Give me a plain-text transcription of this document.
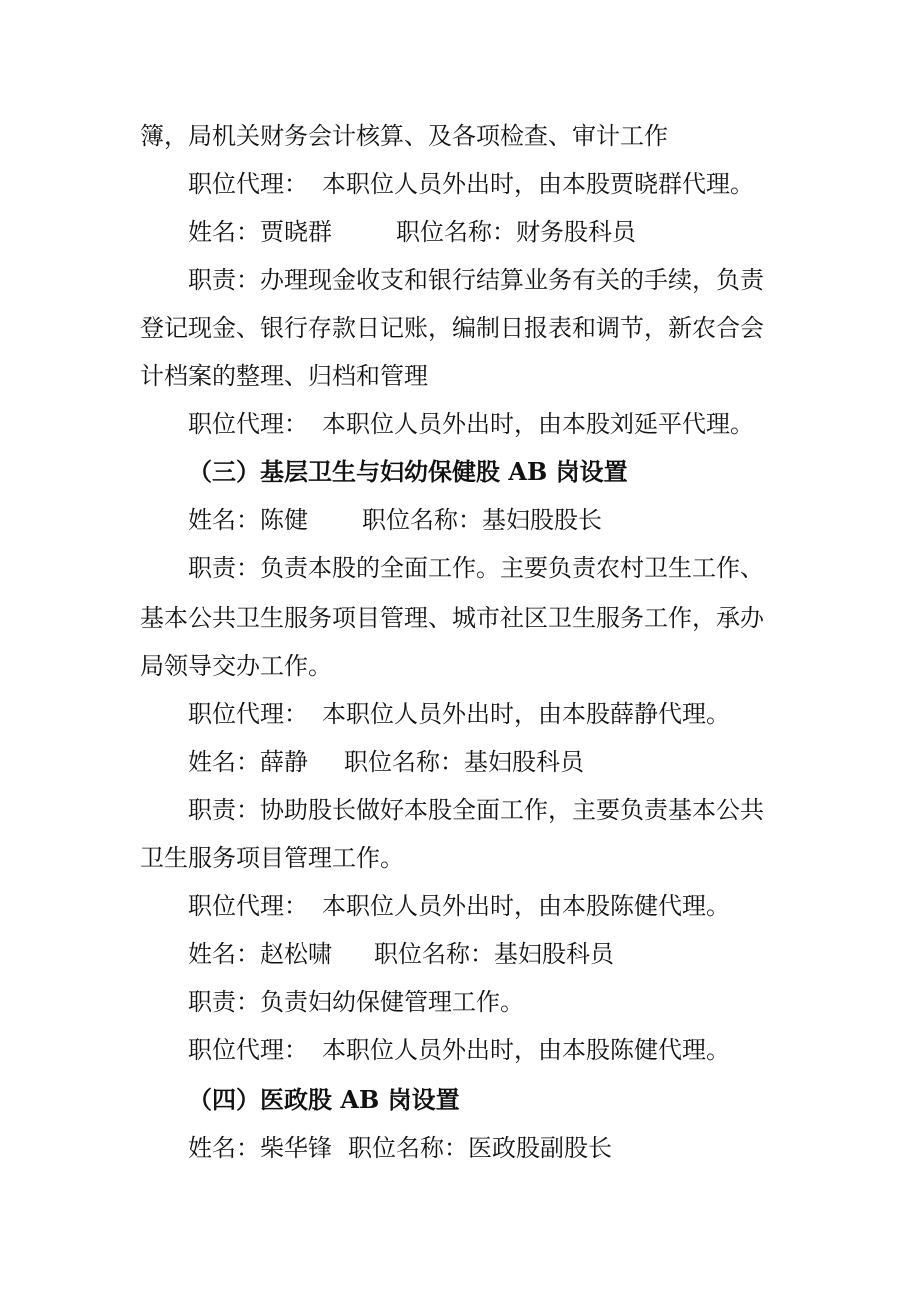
簿，局机关财务会计核算、及各项检查、审计工作
职位代理： 本职位人员外出时，由本股贾晓群代理。
姓名：贾晓群	职位名称：财务股科员
职责：办理现金收支和银行结算业务有关的手续，负责
登记现金、银行存款日记账，编制日报表和调节，新农合会
计档案的整理、归档和管理
职位代理： 本职位人员外出时，由本股刘延平代理。
（三）基层卫生与妇幼保健股 AB 岗设置
姓名：陈健 职位名称：基妇股股长
职责：负责本股的全面工作。主要负责农村卫生工作、
基本公共卫生服务项目管理、城市社区卫生服务工作，承办
局领导交办工作。
职位代理： 本职位人员外出时，由本股薛静代理。
姓名：薛静 职位名称：基妇股科员
职责：协助股长做好本股全面工作，主要负责基本公共
卫生服务项目管理工作。
职位代理： 本职位人员外出时，由本股陈健代理。
姓名：赵松啸 职位名称：基妇股科员
职责：负责妇幼保健管理工作。
职位代理： 本职位人员外出时，由本股陈健代理。
（四）医政股 AB 岗设置
姓名：柴华锋 职位名称：医政股副股长
